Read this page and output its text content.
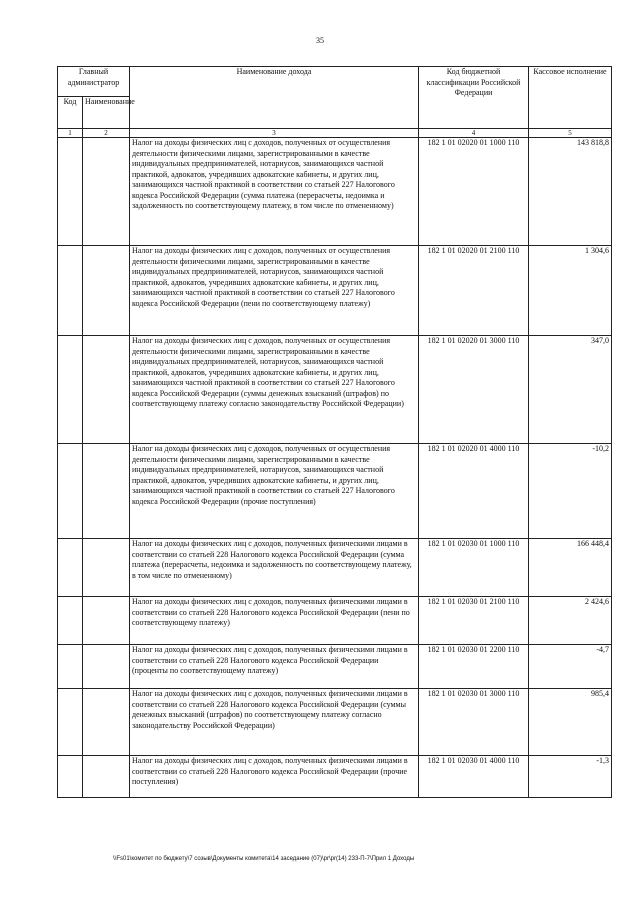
35
Главный администратор		Наименование дохода	Код бюджетной классификации Российской Федерации	Кассовое исполнение
Код	Наименование			
1	2	3	4	5
		Налог на доходы физических лиц с доходов, полученных от осуществления деятельности физическими лицами, зарегистрированными в качестве индивидуальных предпринимателей, нотариусов, занимающихся частной практикой, адвокатов, учредивших адвокатские кабинеты, и других лиц, занимающихся частной практикой в соответствии со статьей 227 Налогового кодекса Российской Федерации (сумма платежа (перерасчеты, недоимка и задолженность по соответствующему платежу, в том числе по отмененному)	182 1 01 02020 01 1000 110	143 818,8
		Налог на доходы физических лиц с доходов, полученных от осуществления деятельности физическими лицами, зарегистрированными в качестве индивидуальных предпринимателей, нотариусов, занимающихся частной практикой, адвокатов, учредивших адвокатские кабинеты, и других лиц, занимающихся частной практикой в соответствии со статьей 227 Налогового кодекса Российской Федерации (пени по соответствующему платежу)	182 1 01 02020 01 2100 110	1 304,6
		Налог на доходы физических лиц с доходов, полученных от осуществления деятельности физическими лицами, зарегистрированными в качестве индивидуальных предпринимателей, нотариусов, занимающихся частной практикой, адвокатов, учредивших адвокатские кабинеты, и других лиц, занимающихся частной практикой в соответствии со статьей 227 Налогового кодекса Российской Федерации (суммы денежных взысканий (штрафов) по соответствующему платежу согласно законодательству Российской Федерации)	182 1 01 02020 01 3000 110	347,0
		Налог на доходы физических лиц с доходов, полученных от осуществления деятельности физическими лицами, зарегистрированными в качестве индивидуальных предпринимателей, нотариусов, занимающихся частной практикой, адвокатов, учредивших адвокатские кабинеты, и других лиц, занимающихся частной практикой в соответствии со статьей 227 Налогового кодекса Российской Федерации (прочие поступления)	182 1 01 02020 01 4000 110	-10,2
		Налог на доходы физических лиц с доходов, полученных физическими лицами в соответствии со статьей 228 Налогового кодекса Российской Федерации (сумма платежа (перерасчеты, недоимка и задолженность по соответствующему платежу, в том числе по отмененному)	182 1 01 02030 01 1000 110	166 448,4
		Налог на доходы физических лиц с доходов, полученных физическими лицами в соответствии со статьей 228 Налогового кодекса Российской Федерации (пени по соответствующему платежу)	182 1 01 02030 01 2100 110	2 424,6
		Налог на доходы физических лиц с доходов, полученных физическими лицами в соответствии со статьей 228 Налогового кодекса Российской Федерации (проценты по соответствующему платежу)	182 1 01 02030 01 2200 110	-4,7
		Налог на доходы физических лиц с доходов, полученных физическими лицами в соответствии со статьей 228 Налогового кодекса Российской Федерации (суммы денежных взысканий (штрафов) по соответствующему платежу согласно законодательству Российской Федерации)	182 1 01 02030 01 3000 110	985,4
		Налог на доходы физических лиц с доходов, полученных физическими лицами в соответствии со статьей 228 Налогового кодекса Российской Федерации (прочие поступления)	182 1 01 02030 01 4000 110	-1,3
\\Fs01\комитет по бюджету\7 созыв\Документы комитета\14 заседание (07)\pr\pr(14) 233-П-7\Прил 1 Доходы
